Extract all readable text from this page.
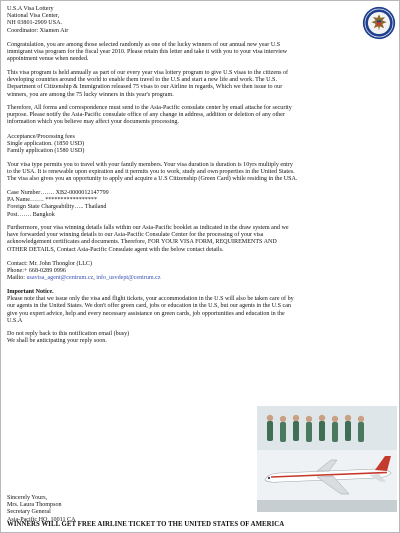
U.S.A Visa Lottery
National Visa Center,
NH 03801-2909 USA.
Coordinator: Xiamen Air
Congratulation, you are among those selected randomly as one of the lucky winners of our annual new year U.S
immigrant visa program for the fiscal year 2010. Please retain this letter and take it with you to your visa interview
appointment venue when needed.
This visa program is held annually as part of our every year visa lottery program to give U.S visas to the citizens of
developing countries around the world to enable them travel to the U.S and start a new life and work. The U.S.
Department of Citizenship & Immigration released 75 visas to our Airline in regards, Which we then issue to our
winners, you are among the 75 lucky winners in this year's program.
Therefore, All forms and correspondence must send to the Asia-Pacific consulate center by email attache for security
purpose. Please notify the Asia-Pacific consulate office of any change in address, addition or deletion of any other
information which you believe may affect your documents processing.
Acceptance/Processing fees
Single application. (1850 USD)
Family application (1580 USD)
Your visa type permits you to travel with your family members. Your visa duration is duration is 10yrs multiply entry
to the USA. It is renewable upon expiration and it permits you to work, study and own properties in the United States.
The visa also gives you an opportunity to apply and acquire a U.S Citizenship (Green Card) while residing in the USA.
Case Number……. XB2-0000012147799
PA Name……. *****************
Foreign State Chargeability….. Thailand
Post……. Bangkok
Furthermore, your visa winning details falls within our Asia-Pacific booklet as indicated in the draw system and we
have forwarded your winning details to our Asia-Pacific Consulate Center for the processing of your visa
acknowledgement certificates and documents. Therefore, FOR YOUR VISA FORM, REQUIREMENTS AND
OTHER DETAILS, Contact Asia-Pacific Consulate agent with the below contact details.
Contact: Mr. John Thonglor (LLC)
Phone:+ 668-0289 0996
Mailto: usavisa_agent@centrum.cz, info_usvdept@centrum.cz
Important Notice.
Please note that we issue only the visa and flight tickets, your accommodation in the U.S will also be taken care of by
our agents in the United States. We don't offer green card, jobs or education in the U.S, but our agents in the U.S can
give you expert advice, help and every necessary assistance on green cards, job opportunities and education in the
U.S.A
Do not reply back to this notification email (busy)
We shall be anticipating your reply soon.
Sincerely Yours,
Mrs. Laura Thompson
Secretary General
Asia-Pacific HQ, 10011 CA
WINNERS WILL GET FREE AIRLINE TICKET TO THE UNITED STATES OF AMERICA
